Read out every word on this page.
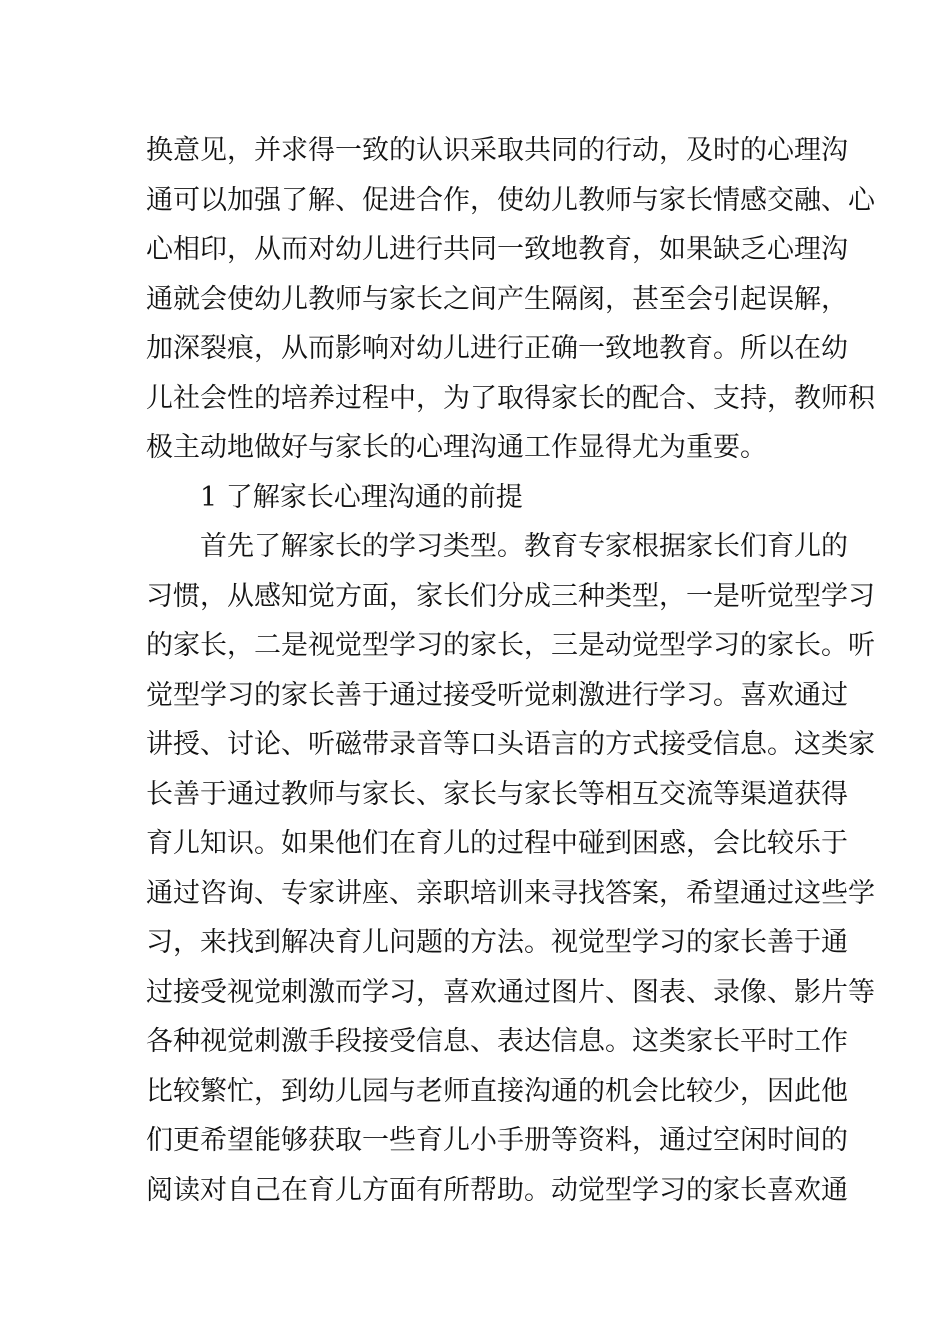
换意见，并求得一致的认识采取共同的行动，及时的心理沟
通可以加强了解、促进合作，使幼儿教师与家长情感交融、心
心相印，从而对幼儿进行共同一致地教育，如果缺乏心理沟
通就会使幼儿教师与家长之间产生隔阂，甚至会引起误解，
加深裂痕，从而影响对幼儿进行正确一致地教育。所以在幼
儿社会性的培养过程中，为了取得家长的配合、支持，教师积
极主动地做好与家长的心理沟通工作显得尤为重要。
1 了解家长心理沟通的前提
首先了解家长的学习类型。教育专家根据家长们育儿的
习惯，从感知觉方面，家长们分成三种类型，一是听觉型学习
的家长，二是视觉型学习的家长，三是动觉型学习的家长。听
觉型学习的家长善于通过接受听觉刺激进行学习。喜欢通过
讲授、讨论、听磁带录音等口头语言的方式接受信息。这类家
长善于通过教师与家长、家长与家长等相互交流等渠道获得
育儿知识。如果他们在育儿的过程中碰到困惑，会比较乐于
通过咨询、专家讲座、亲职培训来寻找答案，希望通过这些学
习，来找到解决育儿问题的方法。视觉型学习的家长善于通
过接受视觉刺激而学习，喜欢通过图片、图表、录像、影片等
各种视觉刺激手段接受信息、表达信息。这类家长平时工作
比较繁忙，到幼儿园与老师直接沟通的机会比较少，因此他
们更希望能够获取一些育儿小手册等资料，通过空闲时间的
阅读对自己在育儿方面有所帮助。动觉型学习的家长喜欢通
